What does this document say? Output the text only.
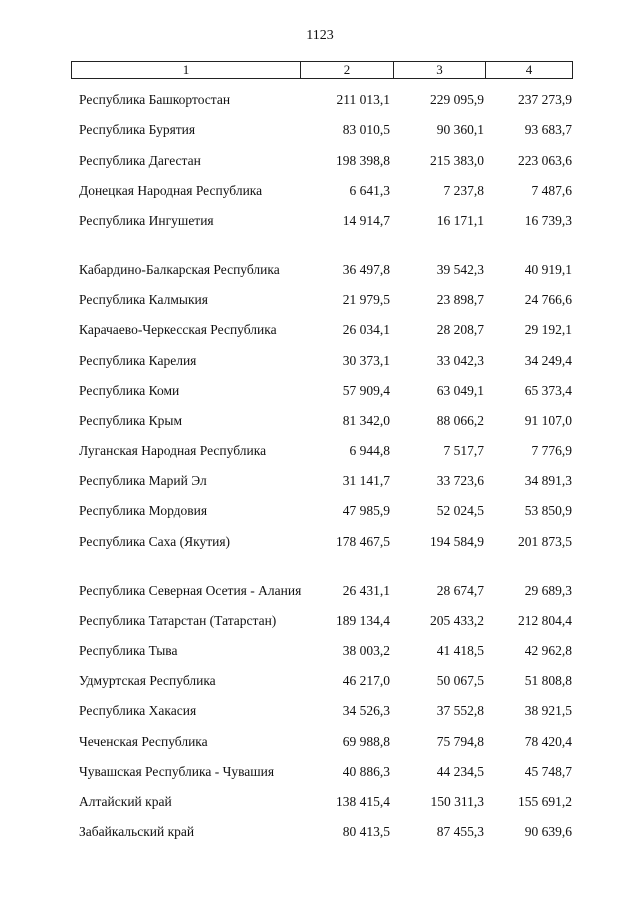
1123
1	2	3	4
Республика Башкортостан	211 013,1	229 095,9	237 273,9
Республика Бурятия	83 010,5	90 360,1	93 683,7
Республика Дагестан	198 398,8	215 383,0	223 063,6
Донецкая Народная Республика	6 641,3	7 237,8	7 487,6
Республика Ингушетия	14 914,7	16 171,1	16 739,3
Кабардино-Балкарская Республика	36 497,8	39 542,3	40 919,1
Республика Калмыкия	21 979,5	23 898,7	24 766,6
Карачаево-Черкесская Республика	26 034,1	28 208,7	29 192,1
Республика Карелия	30 373,1	33 042,3	34 249,4
Республика Коми	57 909,4	63 049,1	65 373,4
Республика Крым	81 342,0	88 066,2	91 107,0
Луганская Народная Республика	6 944,8	7 517,7	7 776,9
Республика Марий Эл	31 141,7	33 723,6	34 891,3
Республика Мордовия	47 985,9	52 024,5	53 850,9
Республика Саха (Якутия)	178 467,5	194 584,9	201 873,5
Республика Северная Осетия - Алания	26 431,1	28 674,7	29 689,3
Республика Татарстан (Татарстан)	189 134,4	205 433,2	212 804,4
Республика Тыва	38 003,2	41 418,5	42 962,8
Удмуртская Республика	46 217,0	50 067,5	51 808,8
Республика Хакасия	34 526,3	37 552,8	38 921,5
Чеченская Республика	69 988,8	75 794,8	78 420,4
Чувашская Республика - Чувашия	40 886,3	44 234,5	45 748,7
Алтайский край	138 415,4	150 311,3	155 691,2
Забайкальский край	80 413,5	87 455,3	90 639,6
